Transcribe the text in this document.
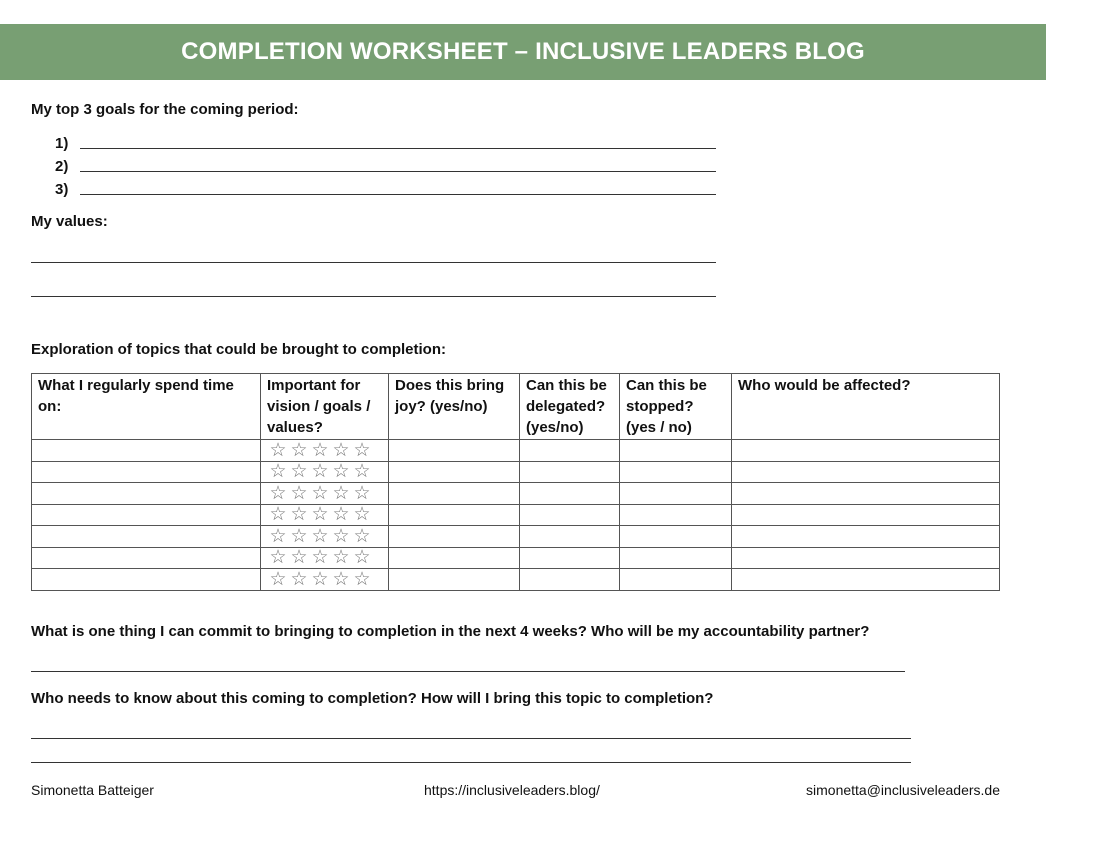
COMPLETION WORKSHEET – INCLUSIVE LEADERS BLOG
My top 3 goals for the coming period:
1)
2)
3)
My values:
Exploration of topics that could be brought to completion:
What I regularly spend time on:	Important for vision / goals / values?	Does this bring joy? (yes/no)	Can this be delegated? (yes/no)	Can this be stopped? (yes / no)	Who would be affected?

	☆ ☆ ☆ ☆ ☆				

	☆ ☆ ☆ ☆ ☆				

	☆ ☆ ☆ ☆ ☆				

	☆ ☆ ☆ ☆ ☆				

	☆ ☆ ☆ ☆ ☆				

	☆ ☆ ☆ ☆ ☆				

	☆ ☆ ☆ ☆ ☆				

What is one thing I can commit to bringing to completion in the next 4 weeks? Who will be my accountability partner?
Who needs to know about this coming to completion? How will I bring this topic to completion?
Simonetta Batteiger	https://inclusiveleaders.blog/	simonetta@inclusiveleaders.de
